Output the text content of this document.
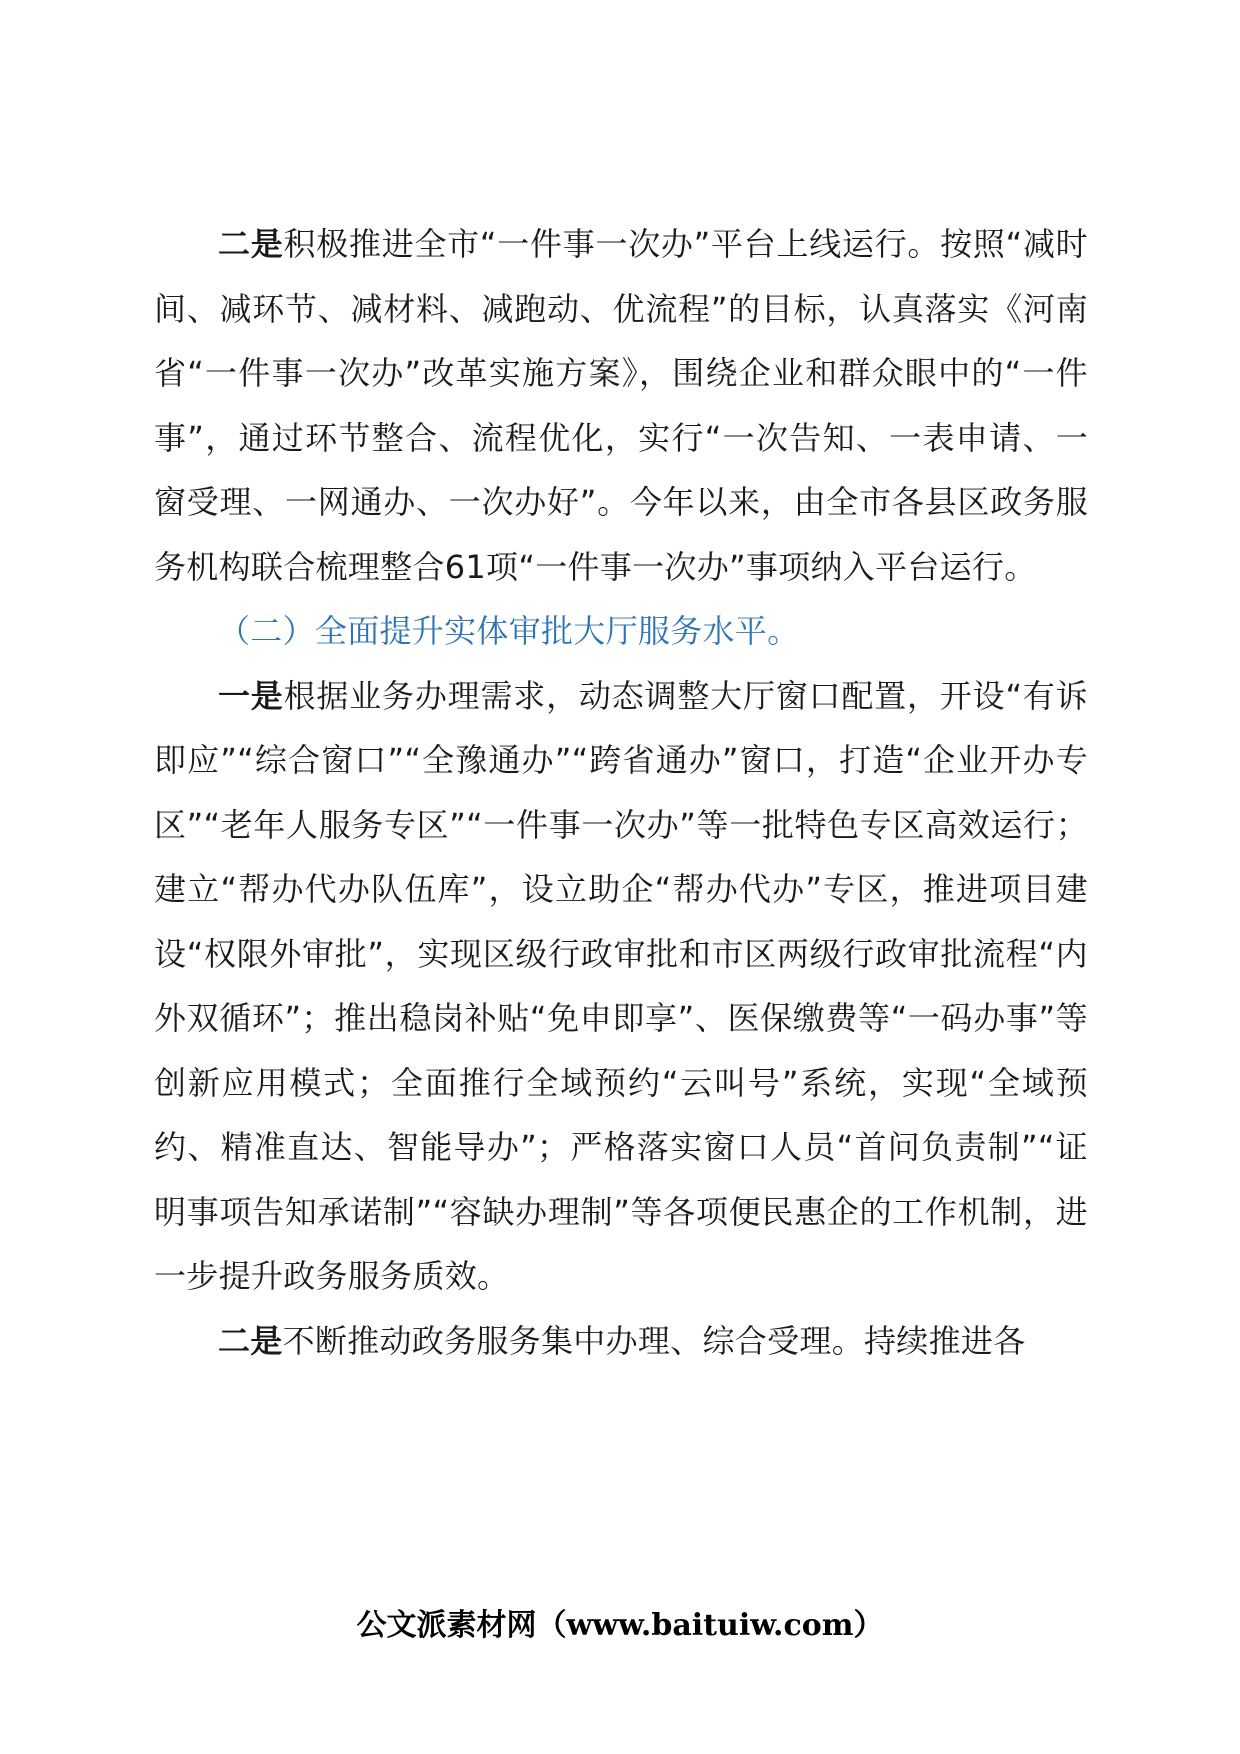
二是积极推进全市“一件事一次办”平台上线运行。按照“减时间、减环节、减材料、减跑动、优流程”的目标，认真落实《河南省“一件事一次办”改革实施方案》，围绕企业和群众眼中的“一件事”，通过环节整合、流程优化，实行“一次告知、一表申请、一窗受理、一网通办、一次办好”。今年以来，由全市各县区政务服务机构联合梳理整合61项“一件事一次办”事项纳入平台运行。

（二）全面提升实体审批大厅服务水平。

一是根据业务办理需求，动态调整大厅窗口配置，开设“有诉即应”“综合窗口”“全豫通办”“跨省通办”窗口，打造“企业开办专区”“老年人服务专区”“一件事一次办”等一批特色专区高效运行；建立“帮办代办队伍库”，设立助企“帮办代办”专区，推进项目建设“权限外审批”，实现区级行政审批和市区两级行政审批流程“内外双循环”；推出稳岗补贴“免申即享”、医保缴费等“一码办事”等创新应用模式；全面推行全域预约“云叫号”系统，实现“全域预约、精准直达、智能导办”；严格落实窗口人员“首问负责制”“证明事项告知承诺制”“容缺办理制”等各项便民惠企的工作机制，进一步提升政务服务质效。

二是不断推动政务服务集中办理、综合受理。持续推进各

公文派素材网（www.baituiw.com）
